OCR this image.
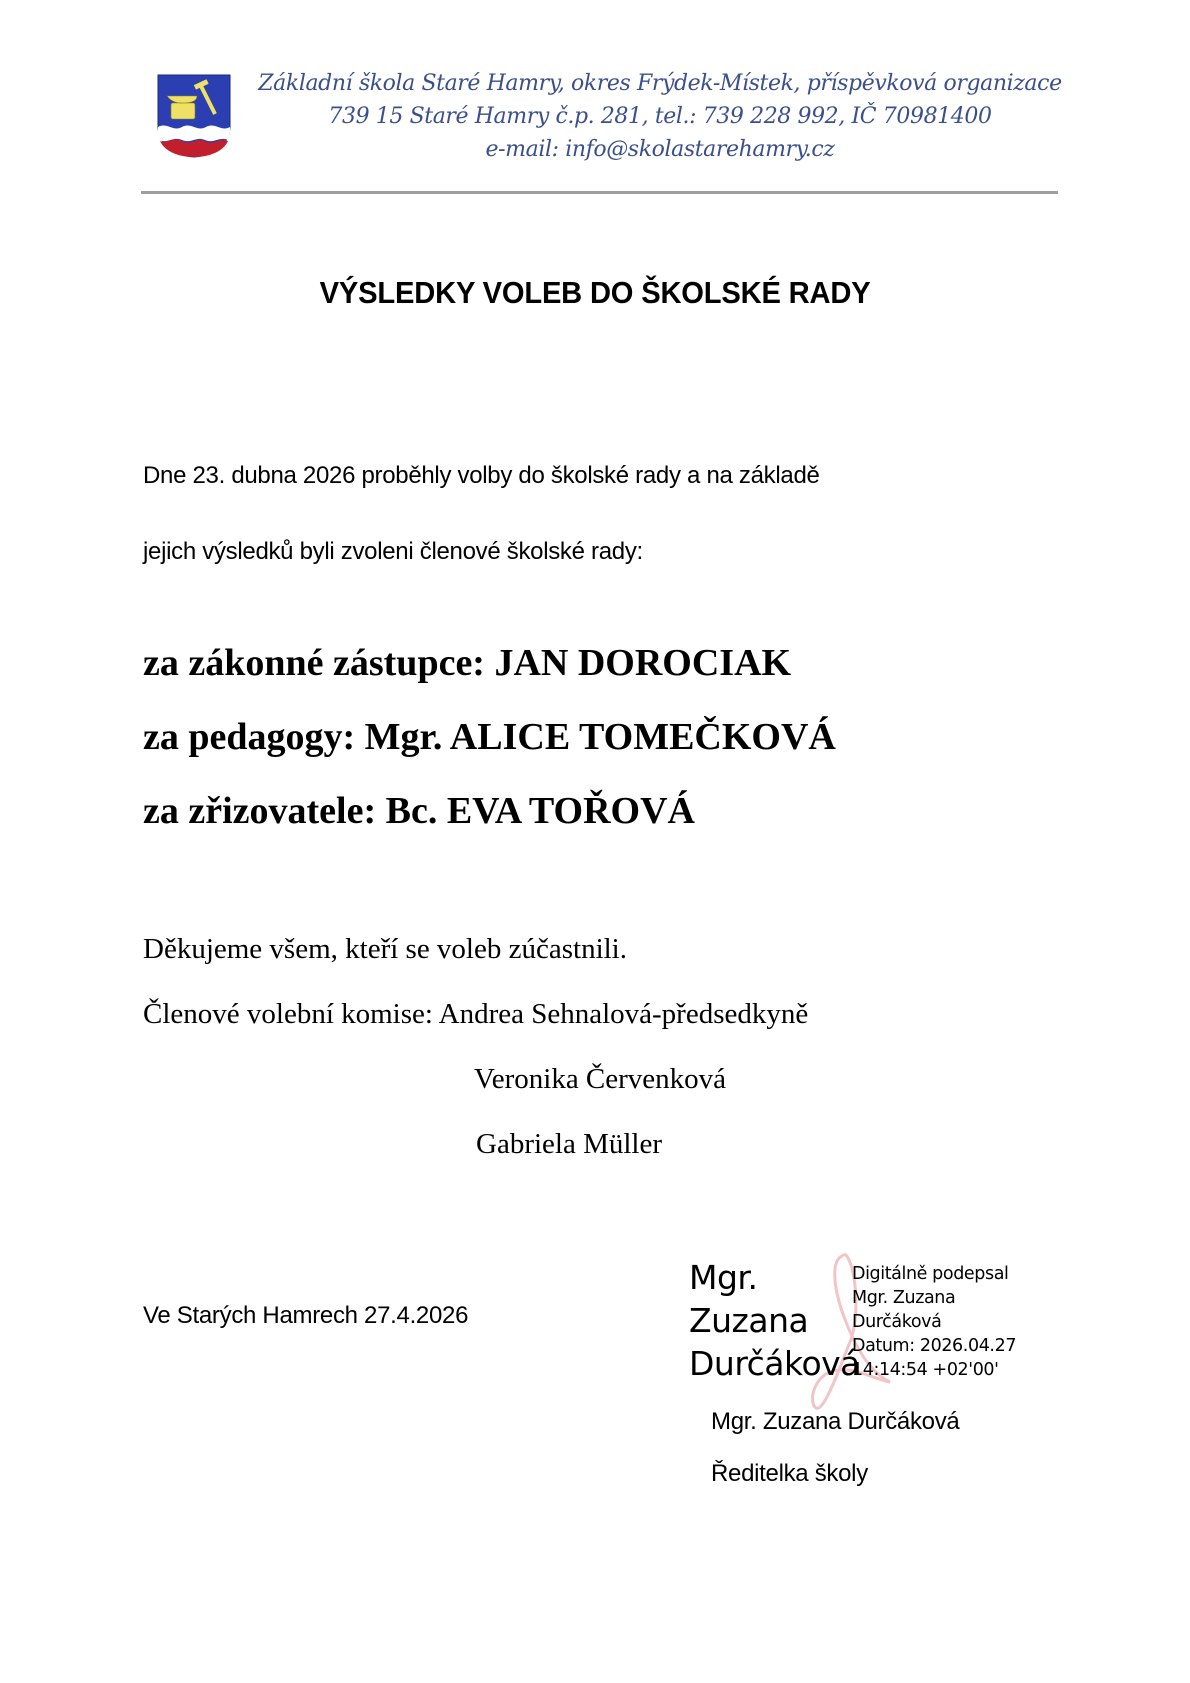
Základní škola Staré Hamry, okres Frýdek-Místek, příspěvková organizace
739 15 Staré Hamry č.p. 281, tel.: 739 228 992, IČ 70981400
e-mail: info@skolastarehamry.cz
VÝSLEDKY VOLEB DO ŠKOLSKÉ RADY
Dne 23. dubna 2026 proběhly volby do školské rady a na základě
jejich výsledků byli zvoleni členové školské rady:
za zákonné zástupce: JAN DOROCIAK
za pedagogy: Mgr. ALICE TOMEČKOVÁ
za zřizovatele: Bc. EVA TOŘOVÁ
Děkujeme všem, kteří se voleb zúčastnili.
Členové volební komise: Andrea Sehnalová-předsedkyně
Veronika Červenková
Gabriela Müller
Ve Starých Hamrech 27.4.2026
Mgr.
Zuzana
Durčáková
Digitálně podepsal
Mgr. Zuzana
Durčáková
Datum: 2026.04.27
14:14:54 +02'00'
Mgr. Zuzana Durčáková
Ředitelka školy
